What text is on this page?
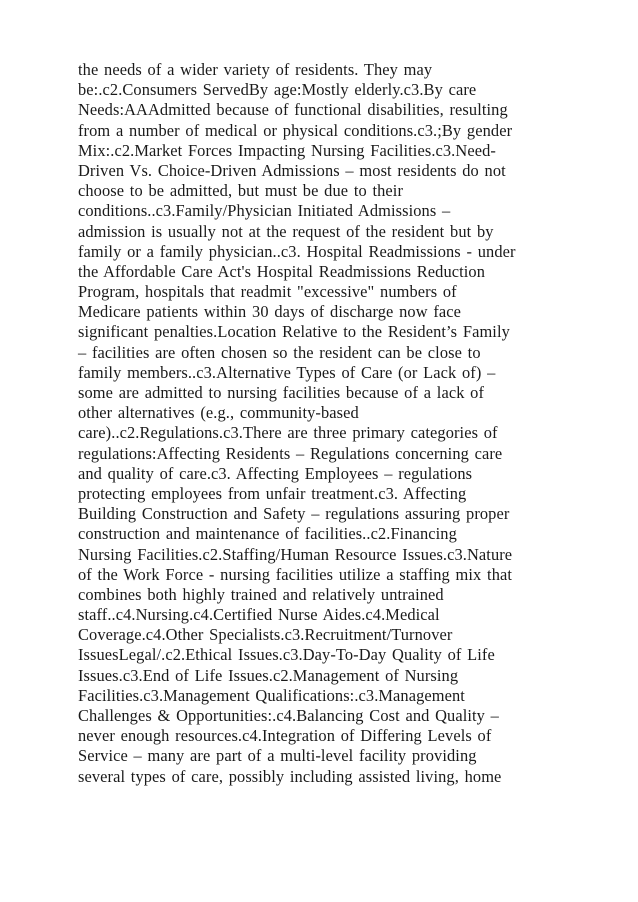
the needs of a wider variety of residents. They may
be:.c2.Consumers ServedBy age:Mostly elderly.c3.By care
Needs:AAAdmitted because of functional disabilities, resulting
from a number of medical or physical conditions.c3.;By gender
Mix:.c2.Market Forces Impacting Nursing Facilities.c3.Need-
Driven Vs. Choice-Driven Admissions – most residents do not
choose to be admitted, but must be due to their
conditions..c3.Family/Physician Initiated Admissions –
admission is usually not at the request of the resident but by
family or a family physician..c3. Hospital Readmissions - under
the Affordable Care Act's Hospital Readmissions Reduction
Program, hospitals that readmit "excessive" numbers of
Medicare patients within 30 days of discharge now face
significant penalties.Location Relative to the Resident’s Family
– facilities are often chosen so the resident can be close to
family members..c3.Alternative Types of Care (or Lack of) –
some are admitted to nursing facilities because of a lack of
other alternatives (e.g., community-based
care)..c2.Regulations.c3.There are three primary categories of
regulations:Affecting Residents – Regulations concerning care
and quality of care.c3. Affecting Employees – regulations
protecting employees from unfair treatment.c3. Affecting
Building Construction and Safety – regulations assuring proper
construction and maintenance of facilities..c2.Financing
Nursing Facilities.c2.Staffing/Human Resource Issues.c3.Nature
of the Work Force - nursing facilities utilize a staffing mix that
combines both highly trained and relatively untrained
staff..c4.Nursing.c4.Certified Nurse Aides.c4.Medical
Coverage.c4.Other Specialists.c3.Recruitment/Turnover
IssuesLegal/.c2.Ethical Issues.c3.Day-To-Day Quality of Life
Issues.c3.End of Life Issues.c2.Management of Nursing
Facilities.c3.Management Qualifications:.c3.Management
Challenges & Opportunities:.c4.Balancing Cost and Quality –
never enough resources.c4.Integration of Differing Levels of
Service – many are part of a multi-level facility providing
several types of care, possibly including assisted living, home
